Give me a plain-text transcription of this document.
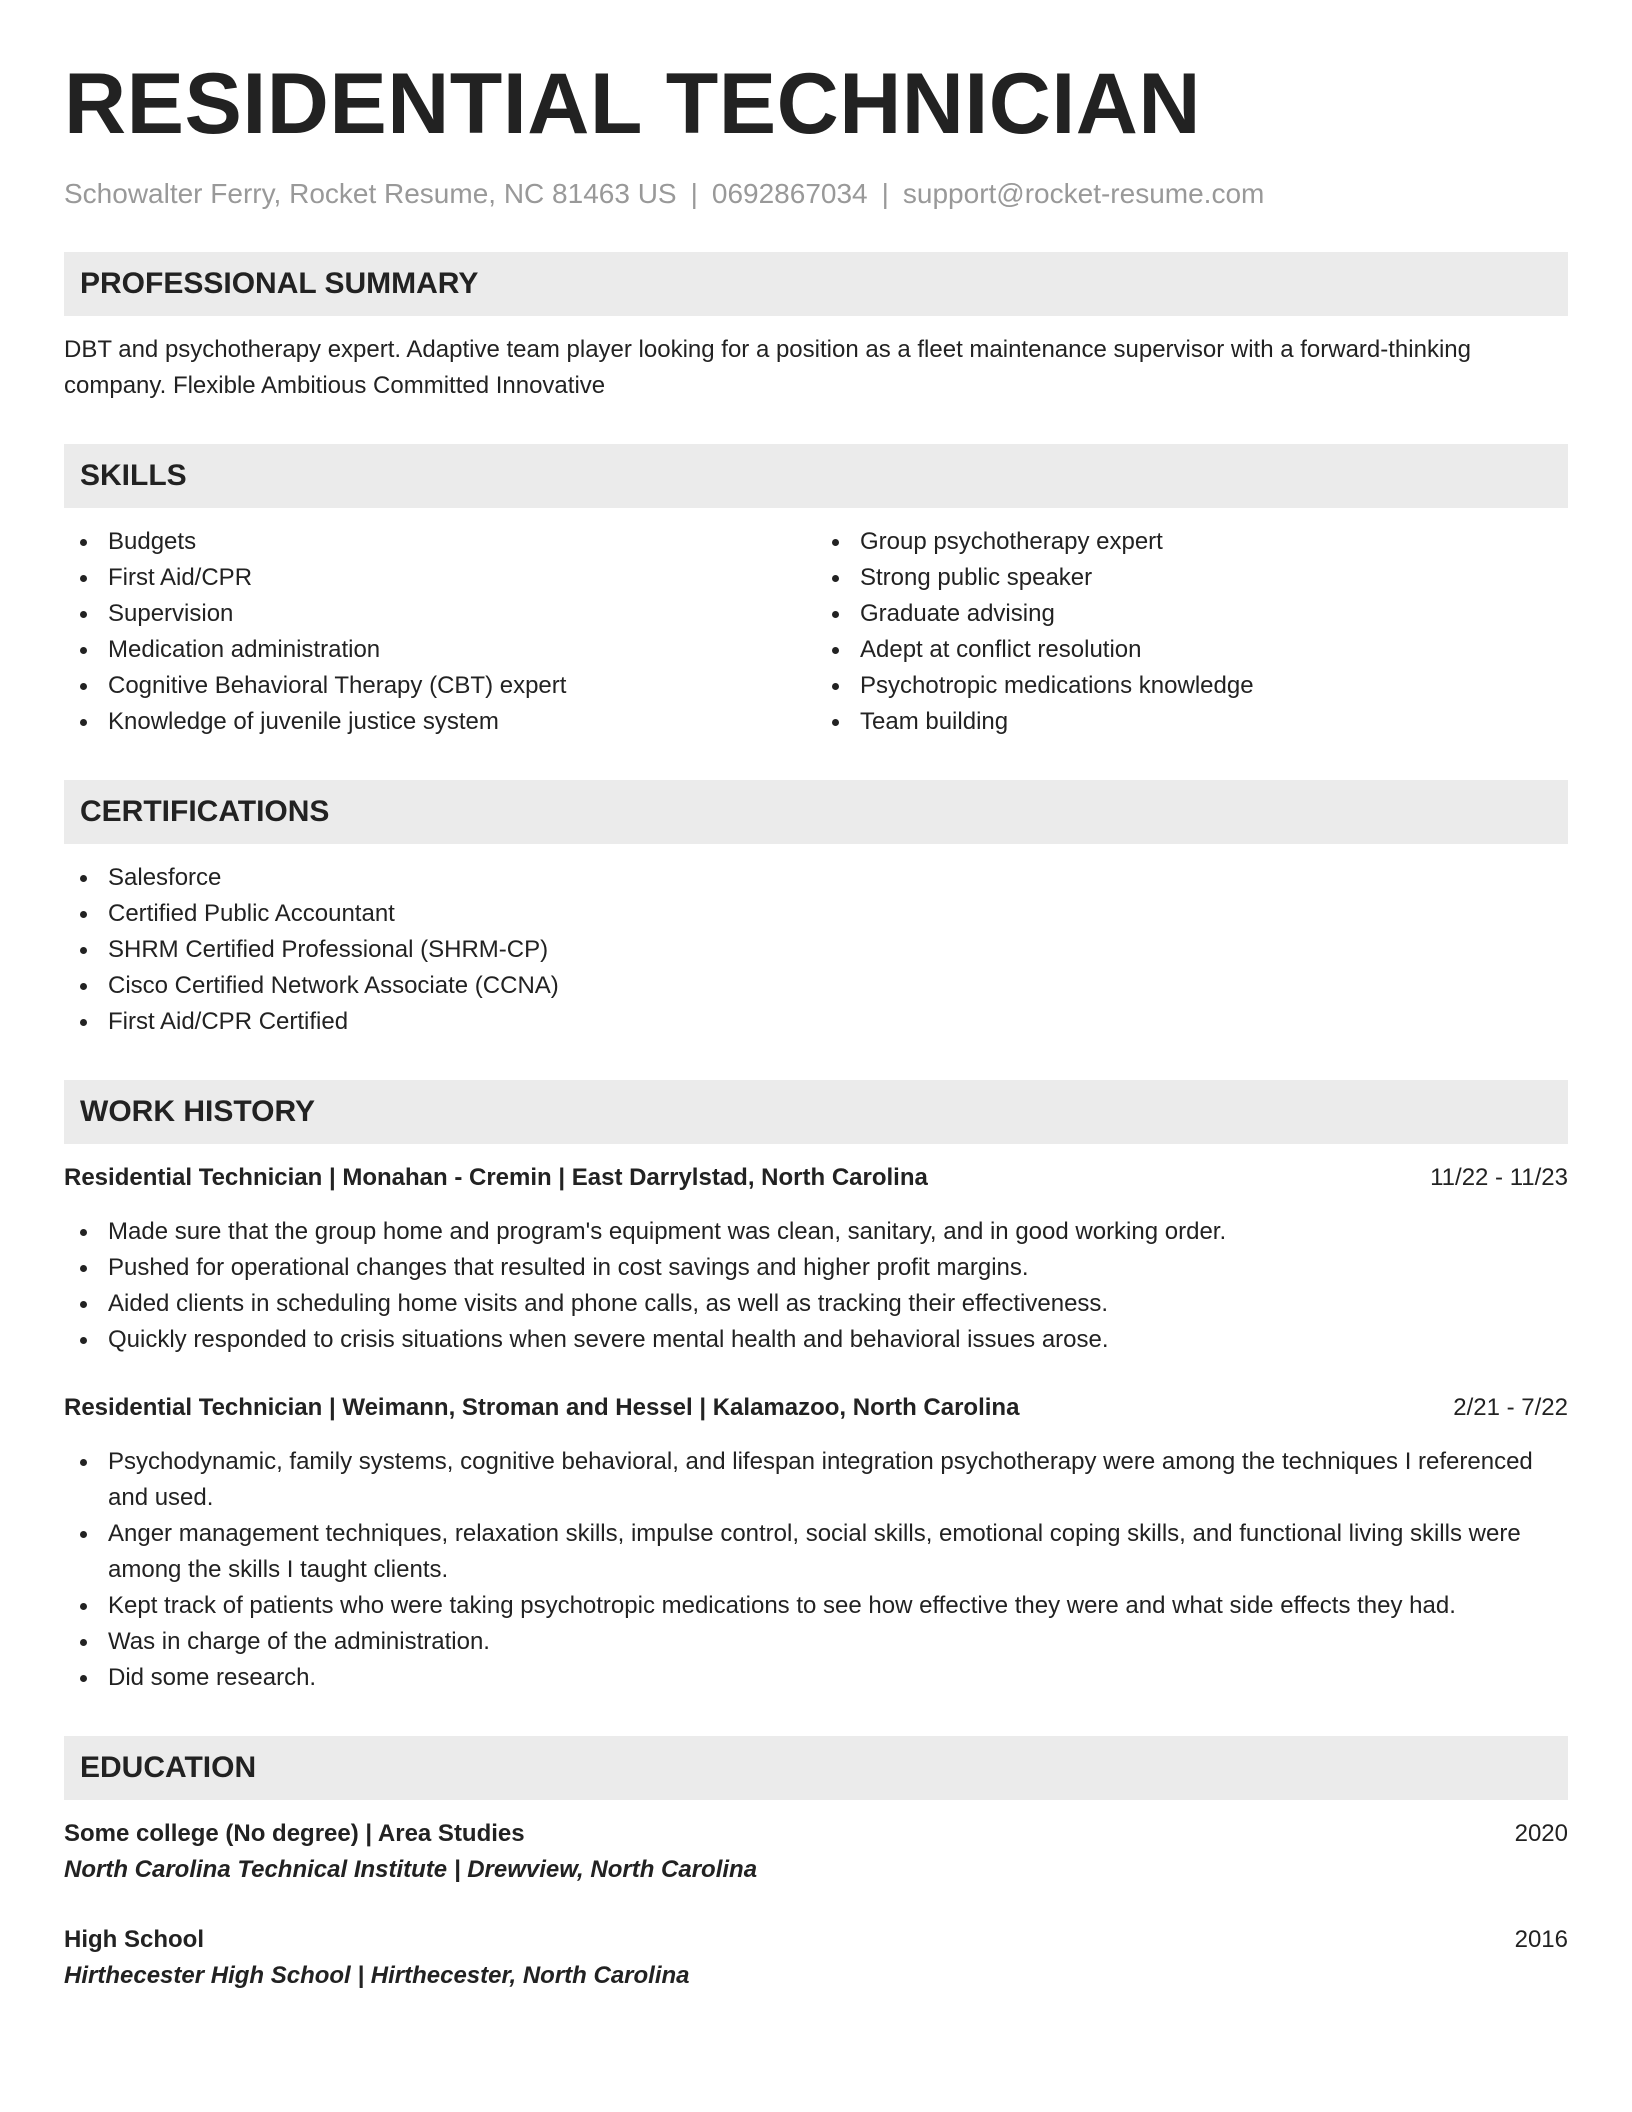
RESIDENTIAL TECHNICIAN
Schowalter Ferry, Rocket Resume, NC 81463 US | 0692867034 | support@rocket-resume.com
PROFESSIONAL SUMMARY

DBT and psychotherapy expert. Adaptive team player looking for a position as a fleet maintenance supervisor with a forward-thinking company. Flexible Ambitious Committed Innovative

SKILLS
Budgets
First Aid/CPR
Supervision
Medication administration
Cognitive Behavioral Therapy (CBT) expert
Knowledge of juvenile justice system
Group psychotherapy expert
Strong public speaker
Graduate advising
Adept at conflict resolution
Psychotropic medications knowledge
Team building
CERTIFICATIONS
Salesforce
Certified Public Accountant
SHRM Certified Professional (SHRM-CP)
Cisco Certified Network Associate (CCNA)
First Aid/CPR Certified
WORK HISTORY
Residential Technician | Monahan - Cremin | East Darrylstad, North Carolina	11/22 - 11/23
Made sure that the group home and program's equipment was clean, sanitary, and in good working order.
Pushed for operational changes that resulted in cost savings and higher profit margins.
Aided clients in scheduling home visits and phone calls, as well as tracking their effectiveness.
Quickly responded to crisis situations when severe mental health and behavioral issues arose.
Residential Technician | Weimann, Stroman and Hessel | Kalamazoo, North Carolina	2/21 - 7/22
Psychodynamic, family systems, cognitive behavioral, and lifespan integration psychotherapy were among the techniques I referenced and used.
Anger management techniques, relaxation skills, impulse control, social skills, emotional coping skills, and functional living skills were among the skills I taught clients.
Kept track of patients who were taking psychotropic medications to see how effective they were and what side effects they had.
Was in charge of the administration.
Did some research.
EDUCATION
Some college (No degree) | Area Studies	2020
North Carolina Technical Institute | Drewview, North Carolina
High School	2016
Hirthecester High School | Hirthecester, North Carolina
